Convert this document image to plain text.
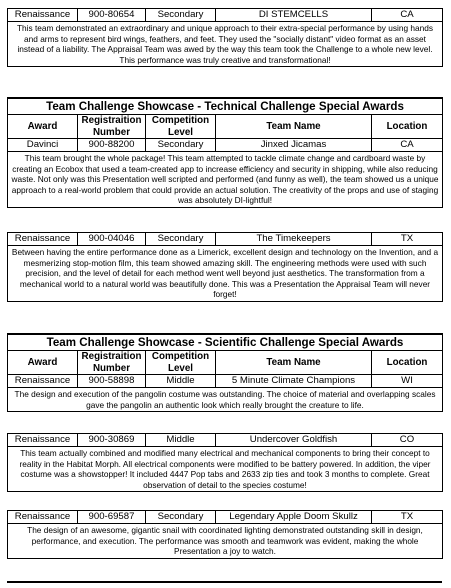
Renaissance	900-80654	Secondary	DI STEMCELLS	CA
This team demonstrated an extraordinary and unique approach to their extra-special performance by using hands and arms to represent bird wings, feathers, and feet. They used the "socially distant" video format as an asset instead of a liability. The Appraisal Team was awed by the way this team took the Challenge to a whole new level. This performance was truly creative and transformational!
Team Challenge Showcase - Technical Challenge Special Awards				
Award	Registraition Number	Competition Level	Team Name	Location
Davinci	900-88200	Secondary	Jinxed Jicamas	CA
This team brought the whole package! This team attempted to tackle climate change and cardboard waste by creating an Ecobox that used a team-created app to increase efficiency and security in shipping, while also reducing waste. Not only was this Presentation well scripted and performed (and funny as well), the team showed us a unique approach to a real-world problem that could provide an actual solution. The creativity of the props and use of staging was absolutely DI-lightful!				
Renaissance	900-04046	Secondary	The Timekeepers	TX
Between having the entire performance done as a Limerick, excellent design and technology on the Invention, and a mesmerizing stop-motion film, this team showed amazing skill. The engineering methods were used with such precision, and the level of detail for each method went well beyond just aesthetics. The transformation from a mechanical world to a natural world was beautifully done. This was a Presentation the Appraisal Team will never forget!
Team Challenge Showcase - Scientific Challenge Special Awards				
Award	Registraition Number	Competition Level	Team Name	Location
Renaissance	900-58898	Middle	5 Minute Climate Champions	WI
The design and execution of the pangolin costume was outstanding. The choice of material and overlapping scales gave the pangolin an authentic look which really brought the creature to life.				
Renaissance	900-30869	Middle	Undercover Goldfish	CO
This team actually combined and modified many electrical and mechanical components to bring their concept to reality in the Habitat Morph. All electrical components were modified to be battery powered. In addition, the viper costume was a showstopper! It included 4447 Pop tabs and 2633 zip ties and took 3 months to complete. Great observation of detail to the species costume!
Renaissance	900-69587	Secondary	Legendary Apple Doom Skullz	TX
The design of an awesome, gigantic snail with coordinated lighting demonstrated outstanding skill in design, performance, and execution. The performance was smooth and teamwork was evident, making the whole Presentation a joy to watch.
